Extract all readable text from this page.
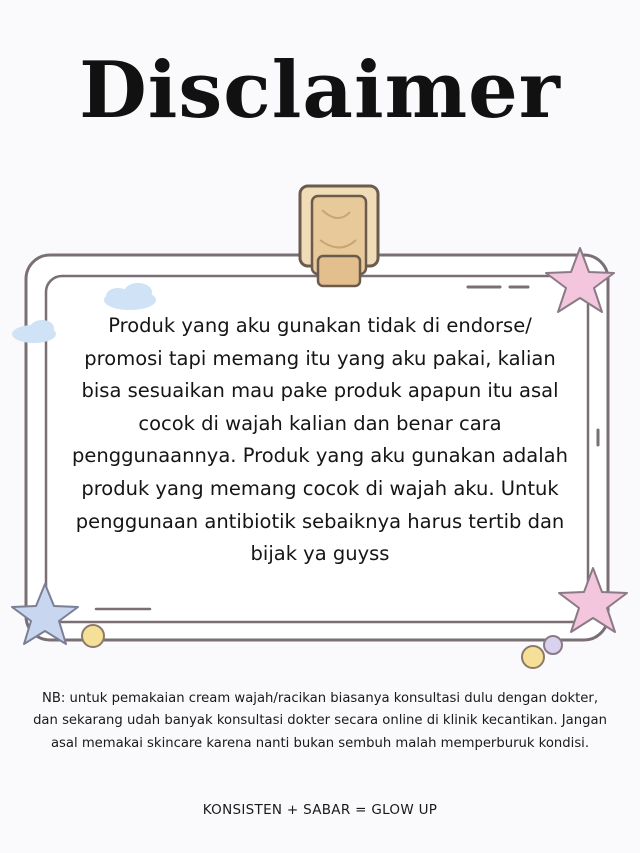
Disclaimer
Produk yang aku gunakan tidak di endorse/ promosi tapi memang itu yang aku pakai, kalian bisa sesuaikan mau pake produk apapun itu asal cocok di wajah kalian dan benar cara penggunaannya. Produk yang aku gunakan adalah produk yang memang cocok di wajah aku. Untuk penggunaan antibiotik sebaiknya harus tertib dan bijak ya guyss
NB: untuk pemakaian cream wajah/racikan biasanya konsultasi dulu dengan dokter, dan sekarang udah banyak konsultasi dokter secara online di klinik kecantikan. Jangan asal memakai skincare karena nanti bukan sembuh malah memperburuk kondisi.
KONSISTEN + SABAR = GLOW UP
